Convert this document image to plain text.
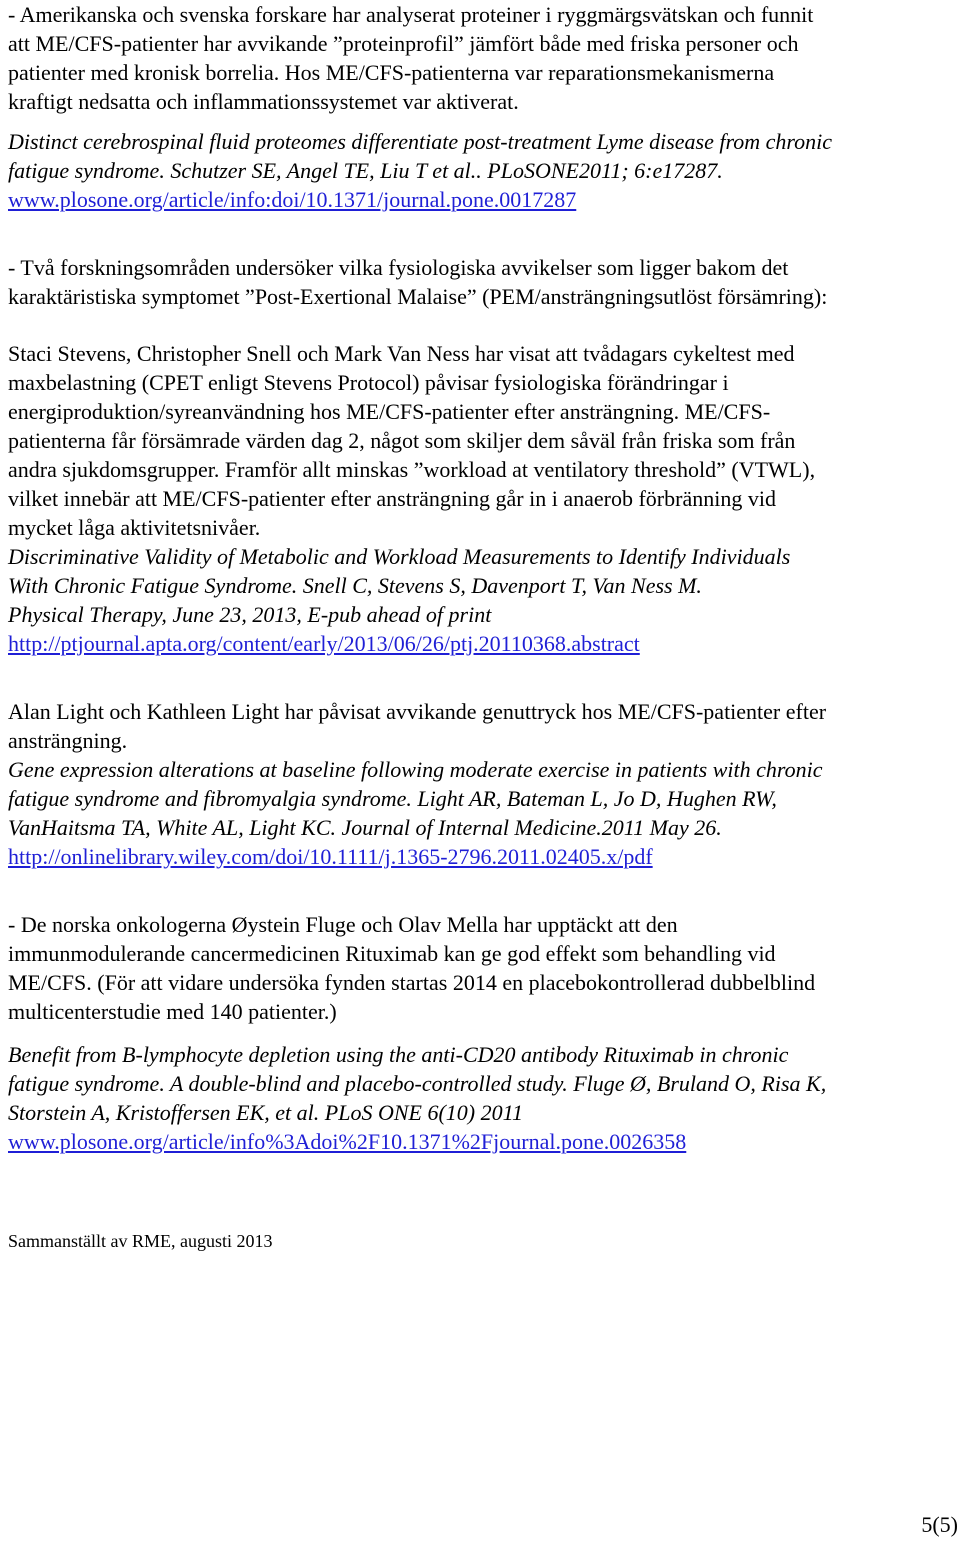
- Amerikanska och svenska forskare har analyserat proteiner i ryggmärgsvätskan och funnit
att ME/CFS-patienter har avvikande ”proteinprofil” jämfört både med friska personer och
patienter med kronisk borrelia. Hos ME/CFS-patienterna var reparationsmekanismerna
kraftigt nedsatta och inflammationssystemet var aktiverat.
Distinct cerebrospinal fluid proteomes differentiate post-treatment Lyme disease from chronic
fatigue syndrome. Schutzer SE, Angel TE, Liu T et al.. PLoSONE2011; 6:e17287.
www.plosone.org/article/info:doi/10.1371/journal.pone.0017287
- Två forskningsområden undersöker vilka fysiologiska avvikelser som ligger bakom det
karaktäristiska symptomet ”Post-Exertional Malaise” (PEM/ansträngningsutlöst försämring):
Staci Stevens, Christopher Snell och Mark Van Ness har visat att tvådagars cykeltest med
maxbelastning (CPET enligt Stevens Protocol) påvisar fysiologiska förändringar i
energiproduktion/syreanvändning hos ME/CFS-patienter efter ansträngning. ME/CFS-
patienterna får försämrade värden dag 2, något som skiljer dem såväl från friska som från
andra sjukdomsgrupper. Framför allt minskas ”workload at ventilatory threshold” (VTWL),
vilket innebär att ME/CFS-patienter efter ansträngning går in i anaerob förbränning vid
mycket låga aktivitetsnivåer.
Discriminative Validity of Metabolic and Workload Measurements to Identify Individuals
With Chronic Fatigue Syndrome. Snell C, Stevens S, Davenport T, Van Ness M.
Physical Therapy, June 23, 2013, E-pub ahead of print
http://ptjournal.apta.org/content/early/2013/06/26/ptj.20110368.abstract
Alan Light och Kathleen Light har påvisat avvikande genuttryck hos ME/CFS-patienter efter
ansträngning.
Gene expression alterations at baseline following moderate exercise in patients with chronic
fatigue syndrome and fibromyalgia syndrome. Light AR, Bateman L, Jo D, Hughen RW,
VanHaitsma TA, White AL, Light KC. Journal of Internal Medicine.2011 May 26.
http://onlinelibrary.wiley.com/doi/10.1111/j.1365-2796.2011.02405.x/pdf
- De norska onkologerna Øystein Fluge och Olav Mella har upptäckt att den
immunmodulerande cancermedicinen Rituximab kan ge god effekt som behandling vid
ME/CFS. (För att vidare undersöka fynden startas 2014 en placebokontrollerad dubbelblind
multicenterstudie med 140 patienter.)
Benefit from B-lymphocyte depletion using the anti-CD20 antibody Rituximab in chronic
fatigue syndrome. A double-blind and placebo-controlled study. Fluge Ø, Bruland O, Risa K,
Storstein A, Kristoffersen EK, et al. PLoS ONE 6(10) 2011
www.plosone.org/article/info%3Adoi%2F10.1371%2Fjournal.pone.0026358
Sammanställt av RME, augusti 2013
5(5)
